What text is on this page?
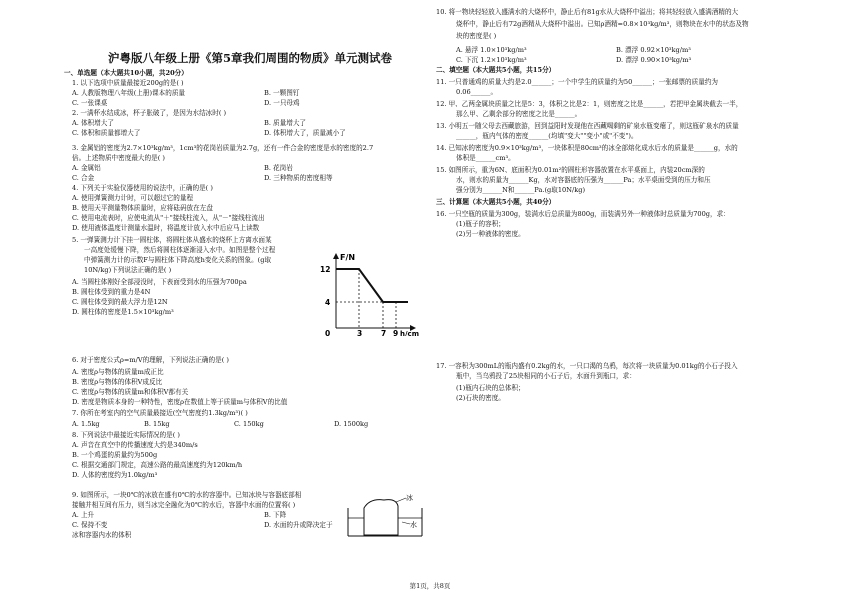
沪粤版八年级上册《第5章我们周围的物质》单元测试卷
一、单选题（本大题共10小题，共20分）
1. 以下选项中质量最接近200g的是( )
A. 人教版物理八年级(上册)课本的质量	B. 一颗图钉
C. 一张课桌	D. 一只母鸡
2. 一满杯水结成冰，杯子胀破了，是因为水结冰时( )
A. 体积增大了	B. 质量增大了
C. 体积和质量都增大了	D. 体积增大了，质量减小了
3. 金属铝的密度为2.7×10³kg/m³，1cm³的花岗岩质量为2.7g，还有一件合金的密度是水的密度的2.7
倍。上述物质中密度最大的是( )
A. 金属铝	B. 花岗岩
C. 合金	D. 三种物质的密度相等
4. 下列关于实验仪器使用的说法中，正确的是( )
A. 使用弹簧测力计时，可以超过它的量程
B. 使用天平测量物体质量时，应将砝码放在左盘
C. 使用电流表时，应使电流从"＋"接线柱流入，从"－"接线柱流出
D. 使用液体温度计测量水温时，将温度计放入水中后应马上读数
5. 一弹簧测力计下挂一圆柱体，将圆柱体从盛水的烧杯上方离水面某
一高度处缓慢下降，然后将圆柱体逐渐浸入水中。如图是整个过程
中弹簧测力计的示数F与圆柱体下降高度h变化关系的图象。(g取
10N/kg)下列说法正确的是( )
A. 当圆柱体刚好全部浸没时，下表面受到水的压强为700pa
B. 圆柱体受到的重力是4N
C. 圆柱体受到的最大浮力是12N
D. 圆柱体的密度是1.5×10³kg/m³
6. 对于密度公式ρ=m/V的理解，下列说法正确的是( )
A. 密度ρ与物体的质量m成正比
B. 密度ρ与物体的体积V成反比
C. 密度ρ与物体的质量m和体积V都有关
D. 密度是物质本身的一种特性，密度ρ在数值上等于质量m与体积V的比值
7. 你所在考室内的空气质量最接近(空气密度约1.3kg/m³)( )
A. 1.5kg	B. 15kg	C. 150kg	D. 1500kg
8. 下列说法中最接近实际情况的是( )
A. 声音在真空中的传播速度大约是340m/s
B. 一个鸡蛋的质量约为500g
C. 根据交通部门规定，高速公路的最高速度约为120km/h
D. 人体的密度约为1.0kg/m³
9. 如图所示，一块0℃的冰放在盛有0℃的水的容器中。已知冰块与容器底部相
接触并相互间有压力，则当冰完全融化为0℃的水后，容器中水面的位置将( )
A. 上升	B. 下降
C. 保持不变	D. 水面的升或降决定于
冰和容器内水的体积
10. 将一物块轻轻放入盛满水的大烧杯中，静止后有81g水从大烧杯中溢出；将其轻轻放入盛满酒精的大
烧杯中，静止后有72g酒精从大烧杯中溢出。已知ρ酒精=0.8×10³kg/m³，则物块在水中的状态及物
块的密度是( )
A. 悬浮 1.0×10³kg/m³	B. 漂浮 0.92×10³kg/m³
C. 下沉 1.2×10³kg/m³	D. 漂浮 0.90×10³kg/m³
二、填空题（本大题共5小题，共15分）
11. 一只普通鸡的质量大约是2.0______；一个中学生的质量约为50______；一张邮票的质量约为
0.06______。
12. 甲、乙两金属块质量之比是5：3，体积之比是2：1，则密度之比是______，若把甲金属块截去一半，
那么甲、乙剩余部分的密度之比是______。
13. 小明五一随父母去西藏旅游，回到益阳时发现他在西藏喝剩的矿泉水瓶变瘪了，则这瓶矿泉水的质量
______，瓶内气体的密度______(均填"变大""变小"或"不变")。
14. 已知冰的密度为0.9×10³kg/m³，一块体积是80cm³的冰全部熔化成水后水的质量是______g，水的
体积是______cm³。
15. 如图所示，重为6N、底面积为0.01m²的圆柱形容器放置在水平桌面上，内装20cm深的
水，则水的质量为______Kg，水对容器底的压强为______Pa；水平桌面受到的压力和压
强分别为______N和______Pa.(g取10N/kg)
三、计算题（本大题共5小题，共40分）
16. 一只空瓶的质量为300g，装满水后总质量为800g，而装满另外一种液体时总质量为700g，求：
(1)瓶子的容积；
(2)另一种液体的密度。
17. 一容积为300mL的瓶内盛有0.2kg的水，一只口渴的乌鸦，每次将一块质量为0.01kg的小石子投入
瓶中，当乌鸦投了25块相同的小石子后，水面升到瓶口，求：
(1)瓶内石块的总体积；
(2)石块的密度。
F/N
h/cm
12
4
0	3	7 9
冰
水
第1页，共8页
